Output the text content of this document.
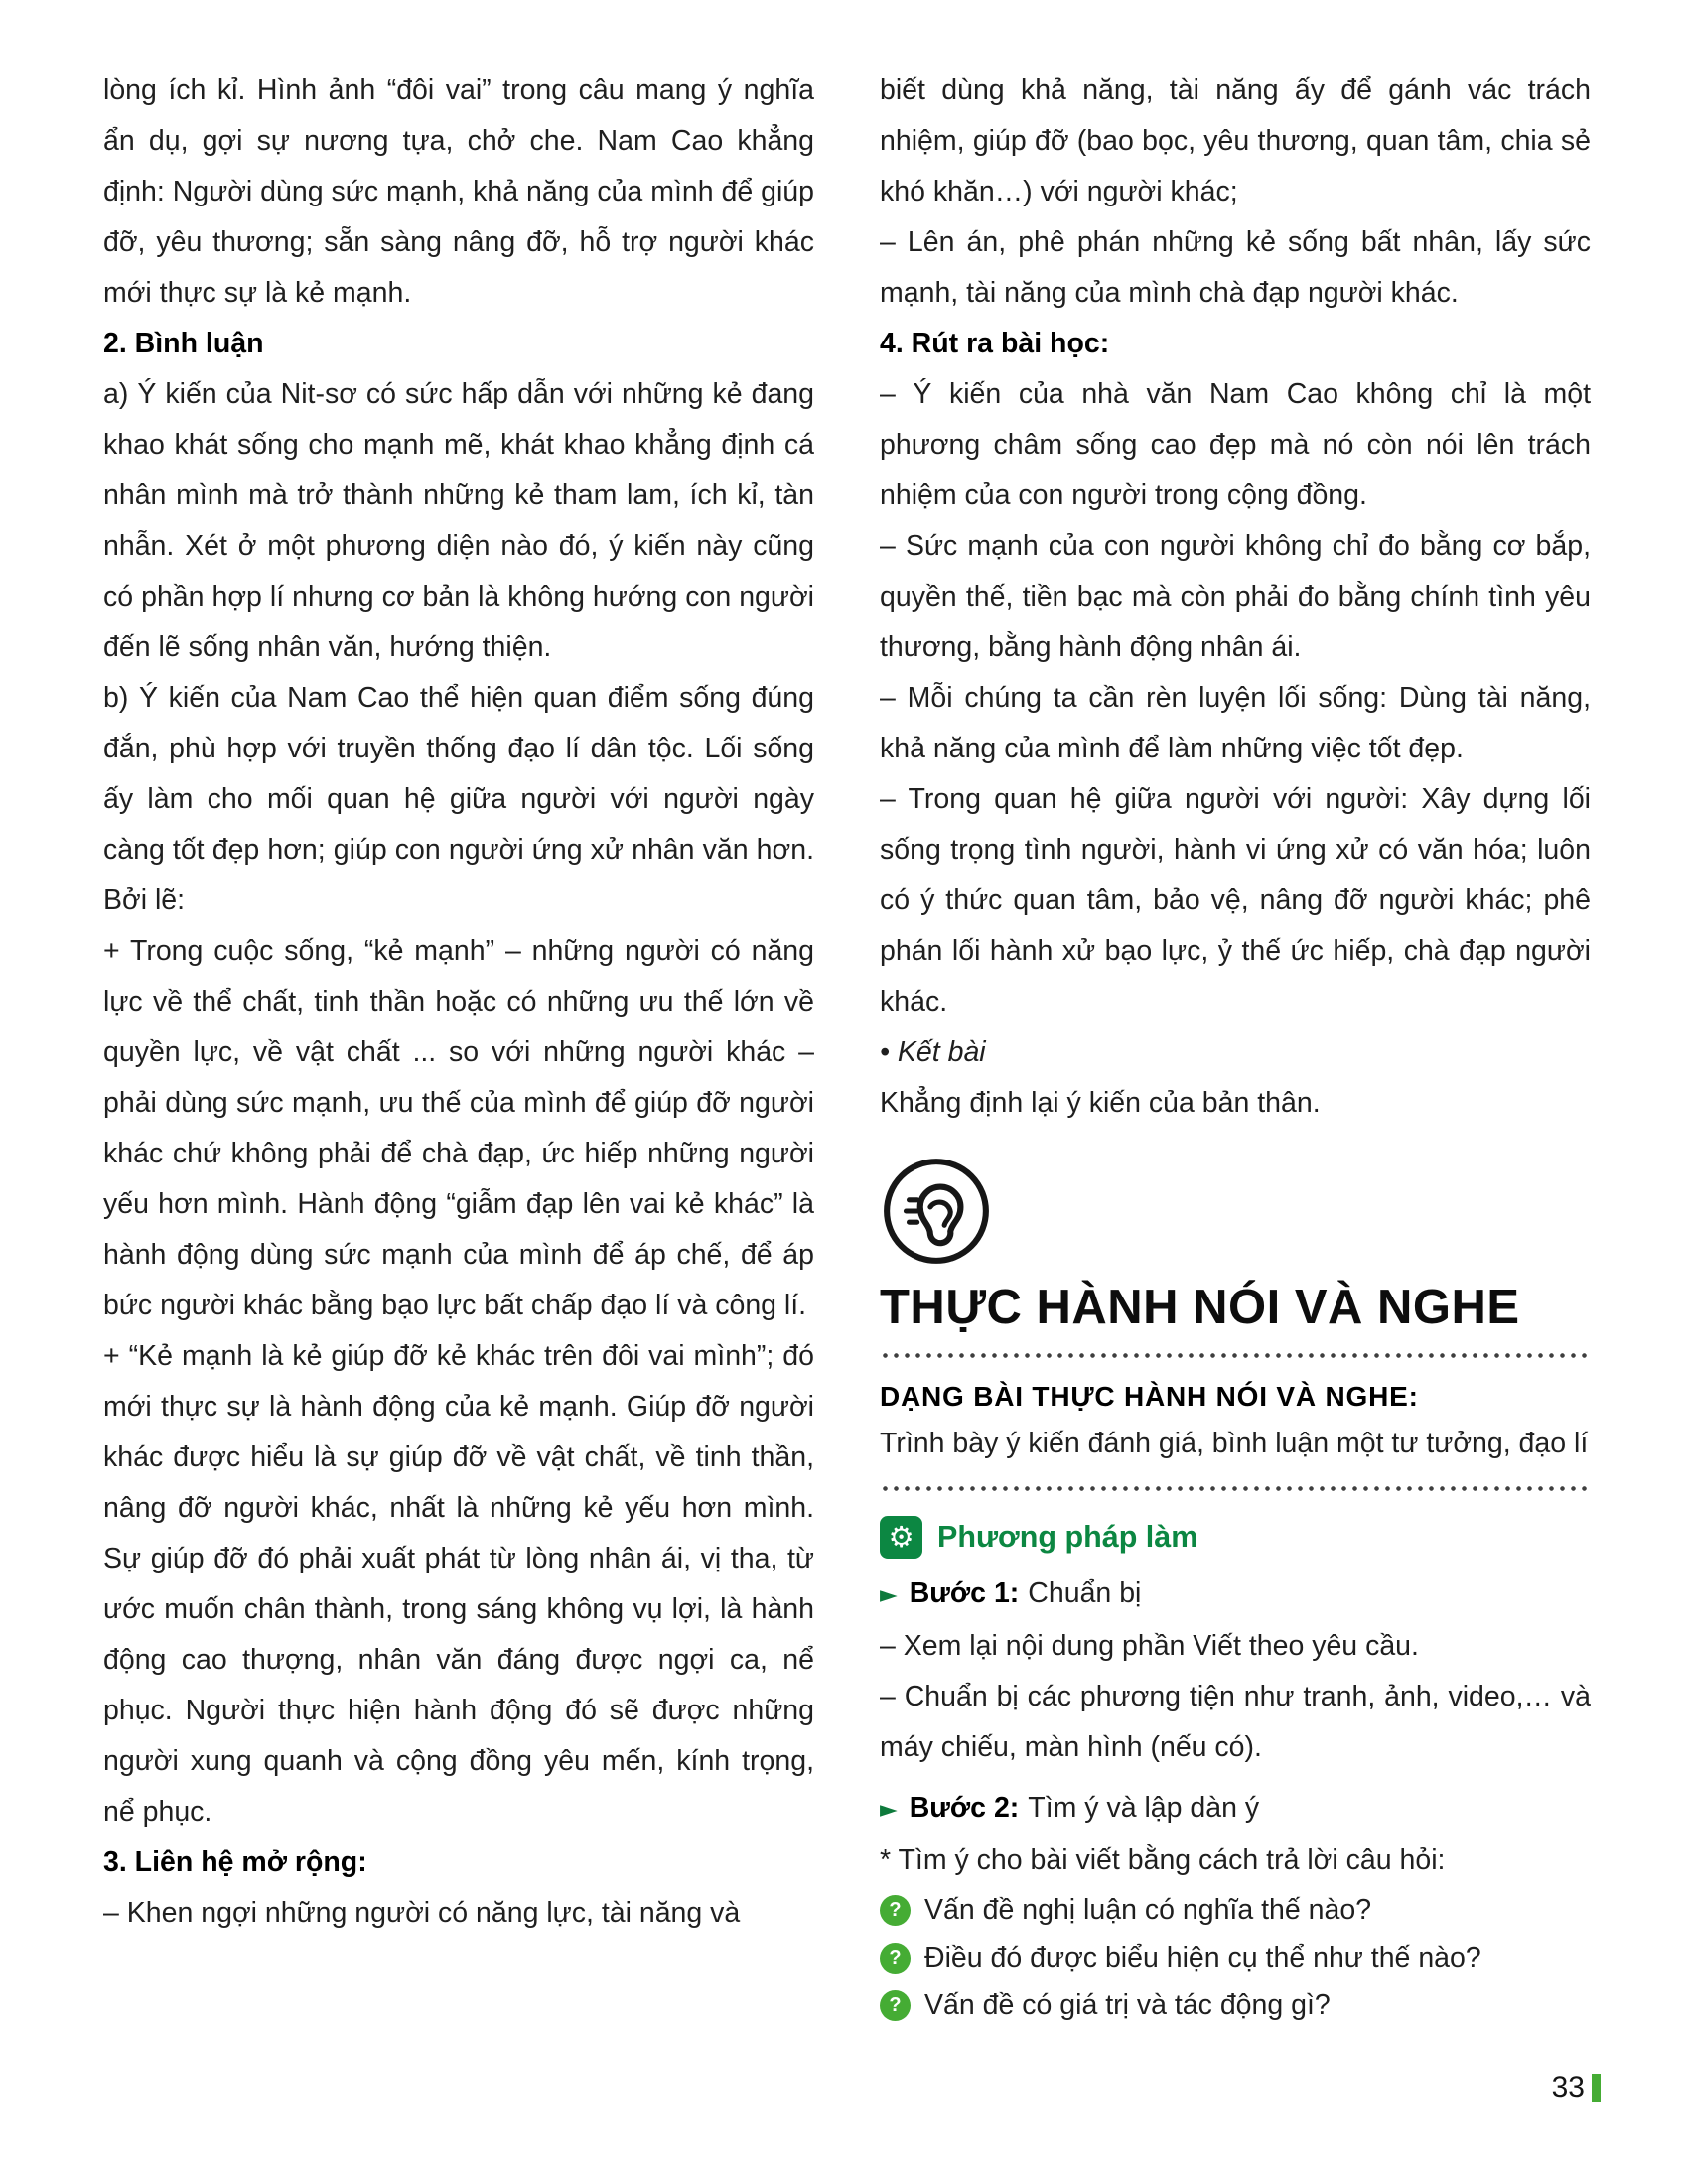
lòng ích kỉ. Hình ảnh “đôi vai” trong câu mang ý nghĩa ẩn dụ, gợi sự nương tựa, chở che. Nam Cao khẳng định: Người dùng sức mạnh, khả năng của mình để giúp đỡ, yêu thương; sẵn sàng nâng đỡ, hỗ trợ người khác mới thực sự là kẻ mạnh.

2. Bình luận

a) Ý kiến của Nit-sơ có sức hấp dẫn với những kẻ đang khao khát sống cho mạnh mẽ, khát khao khẳng định cá nhân mình mà trở thành những kẻ tham lam, ích kỉ, tàn nhẫn. Xét ở một phương diện nào đó, ý kiến này cũng có phần hợp lí nhưng cơ bản là không hướng con người đến lẽ sống nhân văn, hướng thiện.

b) Ý kiến của Nam Cao thể hiện quan điểm sống đúng đắn, phù hợp với truyền thống đạo lí dân tộc. Lối sống ấy làm cho mối quan hệ giữa người với người ngày càng tốt đẹp hơn; giúp con người ứng xử nhân văn hơn. Bởi lẽ:

+ Trong cuộc sống, “kẻ mạnh” – những người có năng lực về thể chất, tinh thần hoặc có những ưu thế lớn về quyền lực, về vật chất ... so với những người khác – phải dùng sức mạnh, ưu thế của mình để giúp đỡ người khác chứ không phải để chà đạp, ức hiếp những người yếu hơn mình. Hành động “giẫm đạp lên vai kẻ khác” là hành động dùng sức mạnh của mình để áp chế, để áp bức người khác bằng bạo lực bất chấp đạo lí và công lí.

+ “Kẻ mạnh là kẻ giúp đỡ kẻ khác trên đôi vai mình”; đó mới thực sự là hành động của kẻ mạnh. Giúp đỡ người khác được hiểu là sự giúp đỡ về vật chất, về tinh thần, nâng đỡ người khác, nhất là những kẻ yếu hơn mình. Sự giúp đỡ đó phải xuất phát từ lòng nhân ái, vị tha, từ ước muốn chân thành, trong sáng không vụ lợi, là hành động cao thượng, nhân văn đáng được ngợi ca, nể phục. Người thực hiện hành động đó sẽ được những người xung quanh và cộng đồng yêu mến, kính trọng, nể phục.

3. Liên hệ mở rộng:

– Khen ngợi những người có năng lực, tài năng và

biết dùng khả năng, tài năng ấy để gánh vác trách nhiệm, giúp đỡ (bao bọc, yêu thương, quan tâm, chia sẻ khó khăn…) với người khác;

– Lên án, phê phán những kẻ sống bất nhân, lấy sức mạnh, tài năng của mình chà đạp người khác.

4. Rút ra bài học:

– Ý kiến của nhà văn Nam Cao không chỉ là một phương châm sống cao đẹp mà nó còn nói lên trách nhiệm của con người trong cộng đồng.

– Sức mạnh của con người không chỉ đo bằng cơ bắp, quyền thế, tiền bạc mà còn phải đo bằng chính tình yêu thương, bằng hành động nhân ái.

– Mỗi chúng ta cần rèn luyện lối sống: Dùng tài năng, khả năng của mình để làm những việc tốt đẹp.

– Trong quan hệ giữa người với người: Xây dựng lối sống trọng tình người, hành vi ứng xử có văn hóa; luôn có ý thức quan tâm, bảo vệ, nâng đỡ người khác; phê phán lối hành xử bạo lực, ỷ thế ức hiếp, chà đạp người khác.

• Kết bài

Khẳng định lại ý kiến của bản thân.

THỰC HÀNH NÓI VÀ NGHE
DẠNG BÀI THỰC HÀNH NÓI VÀ NGHE:

Trình bày ý kiến đánh giá, bình luận một tư tưởng, đạo lí

⚙ Phương pháp làm
► Bước 1: Chuẩn bị

– Xem lại nội dung phần Viết theo yêu cầu.

– Chuẩn bị các phương tiện như tranh, ảnh, video,… và máy chiếu, màn hình (nếu có).

► Bước 2: Tìm ý và lập dàn ý

* Tìm ý cho bài viết bằng cách trả lời câu hỏi:

? Vấn đề nghị luận có nghĩa thế nào?
? Điều đó được biểu hiện cụ thể như thế nào?
? Vấn đề có giá trị và tác động gì?
33
